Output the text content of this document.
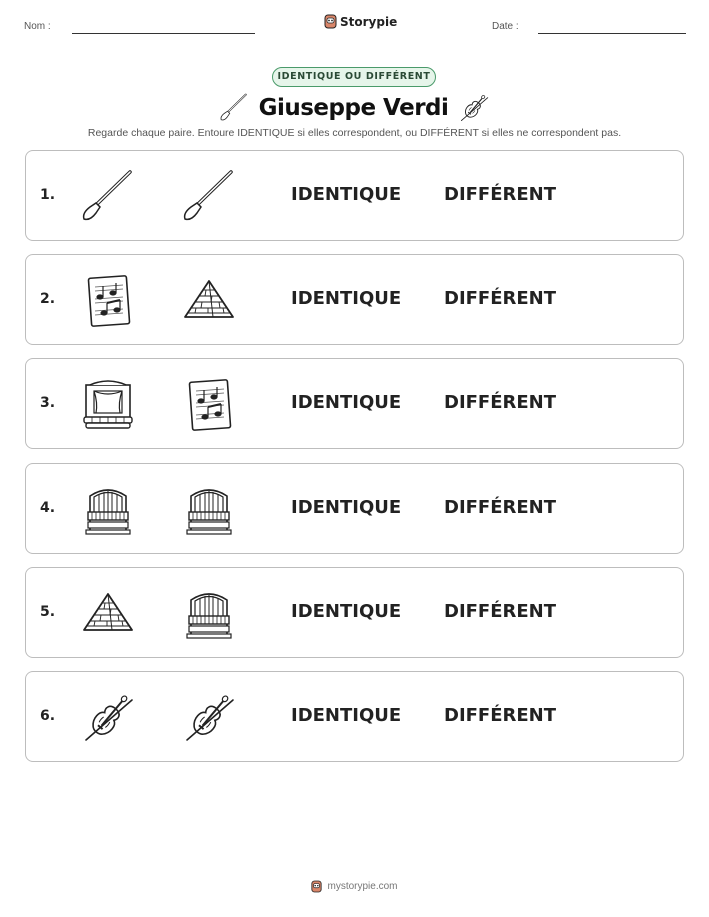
Nom :	Storypie	Date :
IDENTIQUE OU DIFFÉRENT
Giuseppe Verdi
Regarde chaque paire. Entoure IDENTIQUE si elles correspondent, ou DIFFÉRENT si elles ne correspondent pas.
1.	IDENTIQUE DIFFÉRENT
2.	IDENTIQUE DIFFÉRENT
3.	IDENTIQUE DIFFÉRENT
4.	IDENTIQUE DIFFÉRENT
5.	IDENTIQUE DIFFÉRENT
6.	IDENTIQUE DIFFÉRENT
mystorypie.com
